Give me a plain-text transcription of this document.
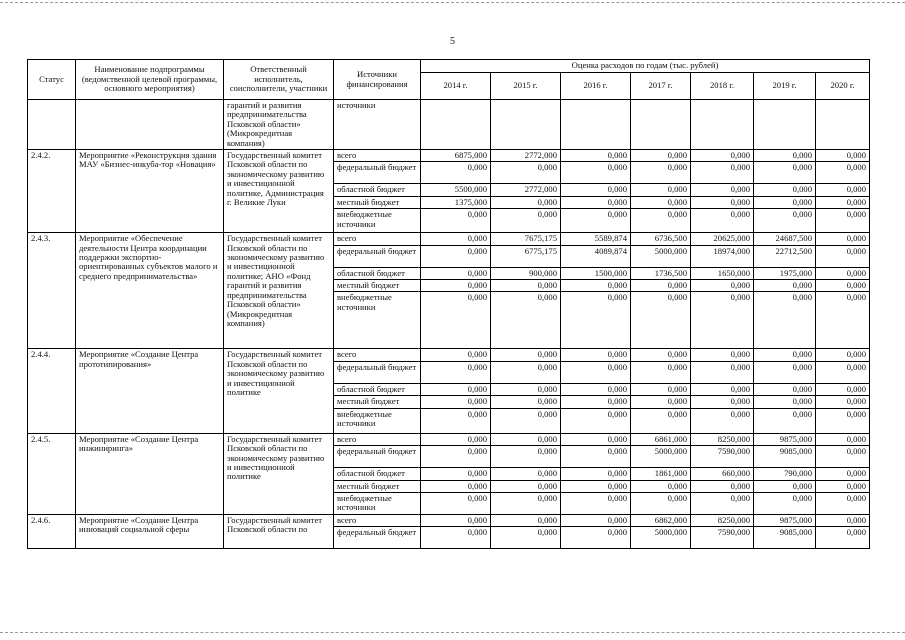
5
Статус	Наименование подпрограммы (ведомственной целевой программы, основного мероприятия)	Ответственный исполнитель, соисполнители, участники	Источники финансирования	Оценка расходов по годам (тыс. рублей)						
				2014 г.	2015 г.	2016 г.	2017 г.	2018 г.	2019 г.	2020 г.
		гарантий и развития предпринимательства Псковской области» (Микрокредитная компания)	источники							
2.4.2.	Мероприятие «Реконструкция здания МАУ «Бизнес-инкуба-тор «Новация»	Государственный комитет Псковской области по экономическому развитию и инвестиционной политике, Администрация г. Великие Луки	всего	6875,000	2772,000	0,000	0,000	0,000	0,000	0,000
			федеральный бюджет	0,000	0,000	0,000	0,000	0,000	0,000	0,000
			областной бюджет	5500,000	2772,000	0,000	0,000	0,000	0,000	0,000
			местный бюджет	1375,000	0,000	0,000	0,000	0,000	0,000	0,000
			внебюджетные источники	0,000	0,000	0,000	0,000	0,000	0,000	0,000
2.4.3.	Мероприятие «Обеспечение деятельности Центра координации поддержки экспортно-ориентированных субъектов малого и среднего предпринимательства»	Государственный комитет Псковской области по экономическому развитию и инвестиционной политике; АНО «Фонд гарантий и развития предпринимательства Псковской области» (Микрокредитная компания)	всего	0,000	7675,175	5589,874	6736,500	20625,000	24687,500	0,000
			федеральный бюджет	0,000	6775,175	4089,874	5000,000	18974,000	22712,500	0,000
			областной бюджет	0,000	900,000	1500,000	1736,500	1650,000	1975,000	0,000
			местный бюджет	0,000	0,000	0,000	0,000	0,000	0,000	0,000
			внебюджетные источники	0,000	0,000	0,000	0,000	0,000	0,000	0,000
2.4.4.	Мероприятие «Создание Центра прототипирования»	Государственный комитет Псковской области по экономическому развитию и инвестиционной политике	всего	0,000	0,000	0,000	0,000	0,000	0,000	0,000
			федеральный бюджет	0,000	0,000	0,000	0,000	0,000	0,000	0,000
			областной бюджет	0,000	0,000	0,000	0,000	0,000	0,000	0,000
			местный бюджет	0,000	0,000	0,000	0,000	0,000	0,000	0,000
			внебюджетные источники	0,000	0,000	0,000	0,000	0,000	0,000	0,000
2.4.5.	Мероприятие «Создание Центра инжиниринга»	Государственный комитет Псковской области по экономическому развитию и инвестиционной политике	всего	0,000	0,000	0,000	6861,000	8250,000	9875,000	0,000
			федеральный бюджет	0,000	0,000	0,000	5000,000	7590,000	9085,000	0,000
			областной бюджет	0,000	0,000	0,000	1861,000	660,000	790,000	0,000
			местный бюджет	0,000	0,000	0,000	0,000	0,000	0,000	0,000
			внебюджетные источники	0,000	0,000	0,000	0,000	0,000	0,000	0,000
2.4.6.	Мероприятие «Создание Центра инноваций социальной сферы	Государственный комитет Псковской области по	всего	0,000	0,000	0,000	6862,000	8250,000	9875,000	0,000
			федеральный бюджет	0,000	0,000	0,000	5000,000	7590,000	9085,000	0,000
